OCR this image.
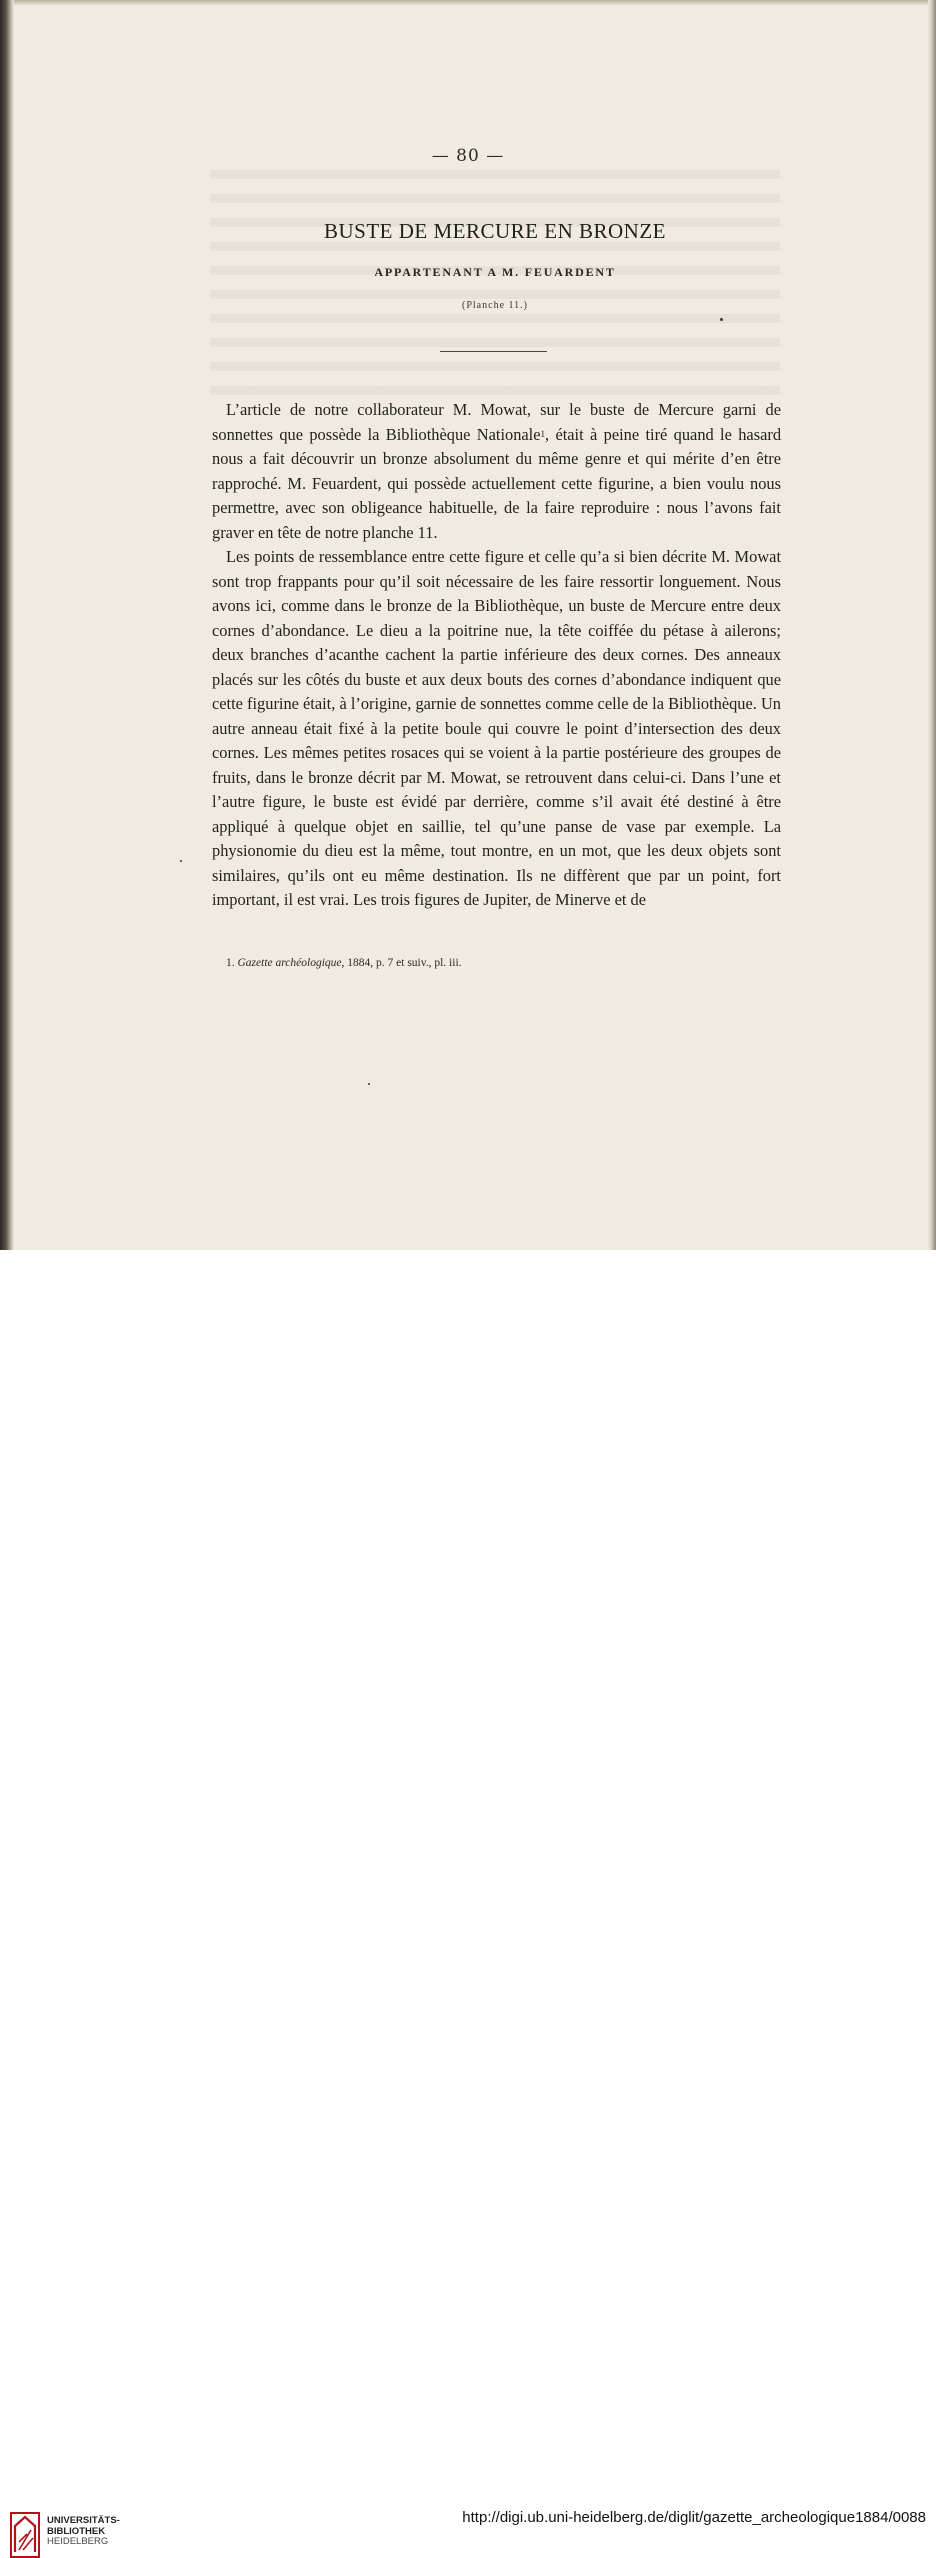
— 80 —
BUSTE DE MERCURE EN BRONZE
APPARTENANT A M. FEUARDENT
(Planche 11.)

L’article de notre collaborateur M. Mowat, sur le buste de Mercure garni de sonnettes que possède la Bibliothèque Nationale$^1$, était à peine tiré quand le hasard nous a fait découvrir un bronze absolument du même genre et qui mérite d’en être rapproché. M. Feuardent, qui possède actuellement cette figurine, a bien voulu nous permettre, avec son obligeance habituelle, de la faire reproduire : nous l’avons fait graver en tête de notre planche 11.

Les points de ressemblance entre cette figure et celle qu’a si bien décrite M. Mowat sont trop frappants pour qu’il soit nécessaire de les faire ressortir longuement. Nous avons ici, comme dans le bronze de la Bibliothèque, un buste de Mercure entre deux cornes d’abondance. Le dieu a la poitrine nue, la tête coiffée du pétase à ailerons; deux branches d’acanthe cachent la partie inférieure des deux cornes. Des anneaux placés sur les côtés du buste et aux deux bouts des cornes d’abondance indiquent que cette figurine était, à l’origine, garnie de sonnettes comme celle de la Bibliothèque. Un autre anneau était fixé à la petite boule qui couvre le point d’intersection des deux cornes. Les mêmes petites rosaces qui se voient à la partie postérieure des groupes de fruits, dans le bronze décrit par M. Mowat, se retrouvent dans celui-ci. Dans l’une et l’autre figure, le buste est évidé par derrière, comme s’il avait été destiné à être appliqué à quelque objet en saillie, tel qu’une panse de vase par exemple. La physionomie du dieu est la même, tout montre, en un mot, que les deux objets sont similaires, qu’ils ont eu même destination. Ils ne diffèrent que par un point, fort important, il est vrai. Les trois figures de Jupiter, de Minerve et de

1. Gazette archéologique, 1884, p. 7 et suiv., pl. iii.
UNIVERSITÄTS-
BIBLIOTHEK
HEIDELBERG
http://digi.ub.uni-heidelberg.de/diglit/gazette_archeologique1884/0088
